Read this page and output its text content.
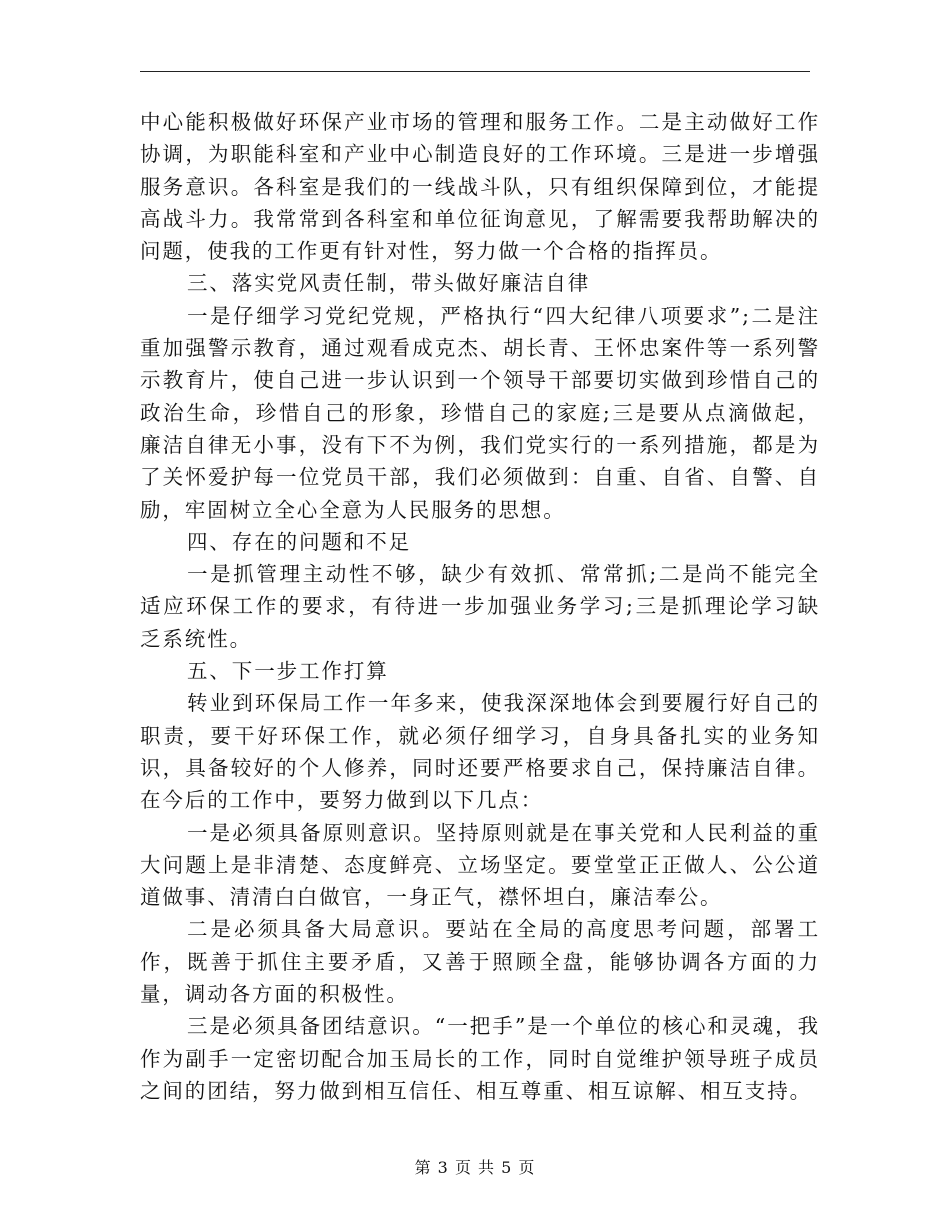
中心能积极做好环保产业市场的管理和服务工作。二是主动做好工作协调，为职能科室和产业中心制造良好的工作环境。三是进一步增强服务意识。各科室是我们的一线战斗队，只有组织保障到位，才能提高战斗力。我常常到各科室和单位征询意见，了解需要我帮助解决的问题，使我的工作更有针对性，努力做一个合格的指挥员。

三、落实党风责任制，带头做好廉洁自律

一是仔细学习党纪党规，严格执行“四大纪律八项要求”;二是注重加强警示教育，通过观看成克杰、胡长青、王怀忠案件等一系列警示教育片，使自己进一步认识到一个领导干部要切实做到珍惜自己的政治生命，珍惜自己的形象，珍惜自己的家庭;三是要从点滴做起，廉洁自律无小事，没有下不为例，我们党实行的一系列措施，都是为了关怀爱护每一位党员干部，我们必须做到：自重、自省、自警、自励，牢固树立全心全意为人民服务的思想。

四、存在的问题和不足

一是抓管理主动性不够，缺少有效抓、常常抓;二是尚不能完全适应环保工作的要求，有待进一步加强业务学习;三是抓理论学习缺乏系统性。

五、下一步工作打算

转业到环保局工作一年多来，使我深深地体会到要履行好自己的职责，要干好环保工作，就必须仔细学习，自身具备扎实的业务知识，具备较好的个人修养，同时还要严格要求自己，保持廉洁自律。在今后的工作中，要努力做到以下几点：

一是必须具备原则意识。坚持原则就是在事关党和人民利益的重大问题上是非清楚、态度鲜亮、立场坚定。要堂堂正正做人、公公道道做事、清清白白做官，一身正气，襟怀坦白，廉洁奉公。

二是必须具备大局意识。要站在全局的高度思考问题，部署工作，既善于抓住主要矛盾，又善于照顾全盘，能够协调各方面的力量，调动各方面的积极性。

三是必须具备团结意识。“一把手”是一个单位的核心和灵魂，我作为副手一定密切配合加玉局长的工作，同时自觉维护领导班子成员之间的团结，努力做到相互信任、相互尊重、相互谅解、相互支持。

第 3 页 共 5 页
